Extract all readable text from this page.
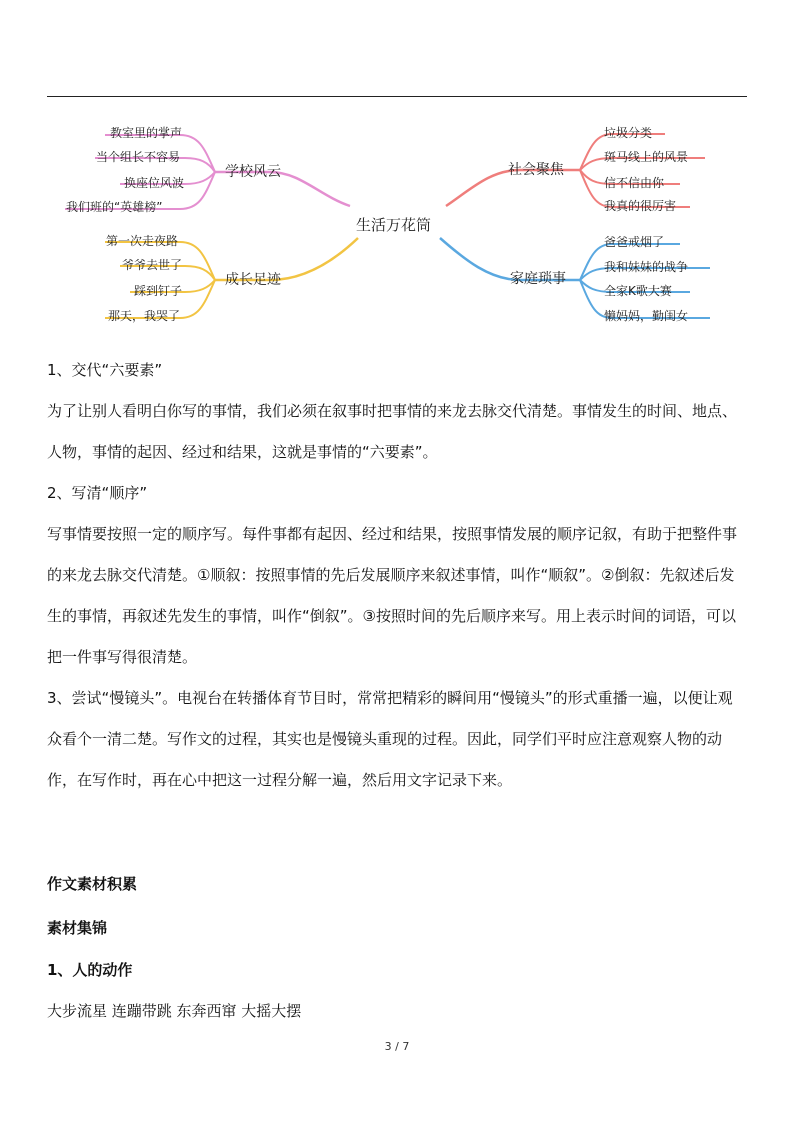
学校风云
教室里的掌声
当个组长不容易
换座位风波
我们班的“英雄榜”
成长足迹
第一次走夜路
爷爷去世了
踩到钉子
那天，我哭了
社会聚焦
垃圾分类
斑马线上的风景
信不信由你
我真的很厉害
家庭琐事
爸爸戒烟了
我和妹妹的战争
全家K歌大赛
懒妈妈，勤闺女
生活万花筒

1、交代“六要素”

为了让别人看明白你写的事情，我们必须在叙事时把事情的来龙去脉交代清楚。事情发生的时间、地点、人物，事情的起因、经过和结果，这就是事情的“六要素”。

2、写清“顺序”

写事情要按照一定的顺序写。每件事都有起因、经过和结果，按照事情发展的顺序记叙，有助于把整件事的来龙去脉交代清楚。①顺叙：按照事情的先后发展顺序来叙述事情，叫作“顺叙”。②倒叙：先叙述后发生的事情，再叙述先发生的事情，叫作“倒叙”。③按照时间的先后顺序来写。用上表示时间的词语，可以把一件事写得很清楚。

3、尝试“慢镜头”。电视台在转播体育节目时，常常把精彩的瞬间用“慢镜头”的形式重播一遍，以便让观众看个一清二楚。写作文的过程，其实也是慢镜头重现的过程。因此，同学们平时应注意观察人物的动作，在写作时，再在心中把这一过程分解一遍，然后用文字记录下来。

作文素材积累

素材集锦

1、人的动作

大步流星 连蹦带跳 东奔西窜 大摇大摆

3 / 7
